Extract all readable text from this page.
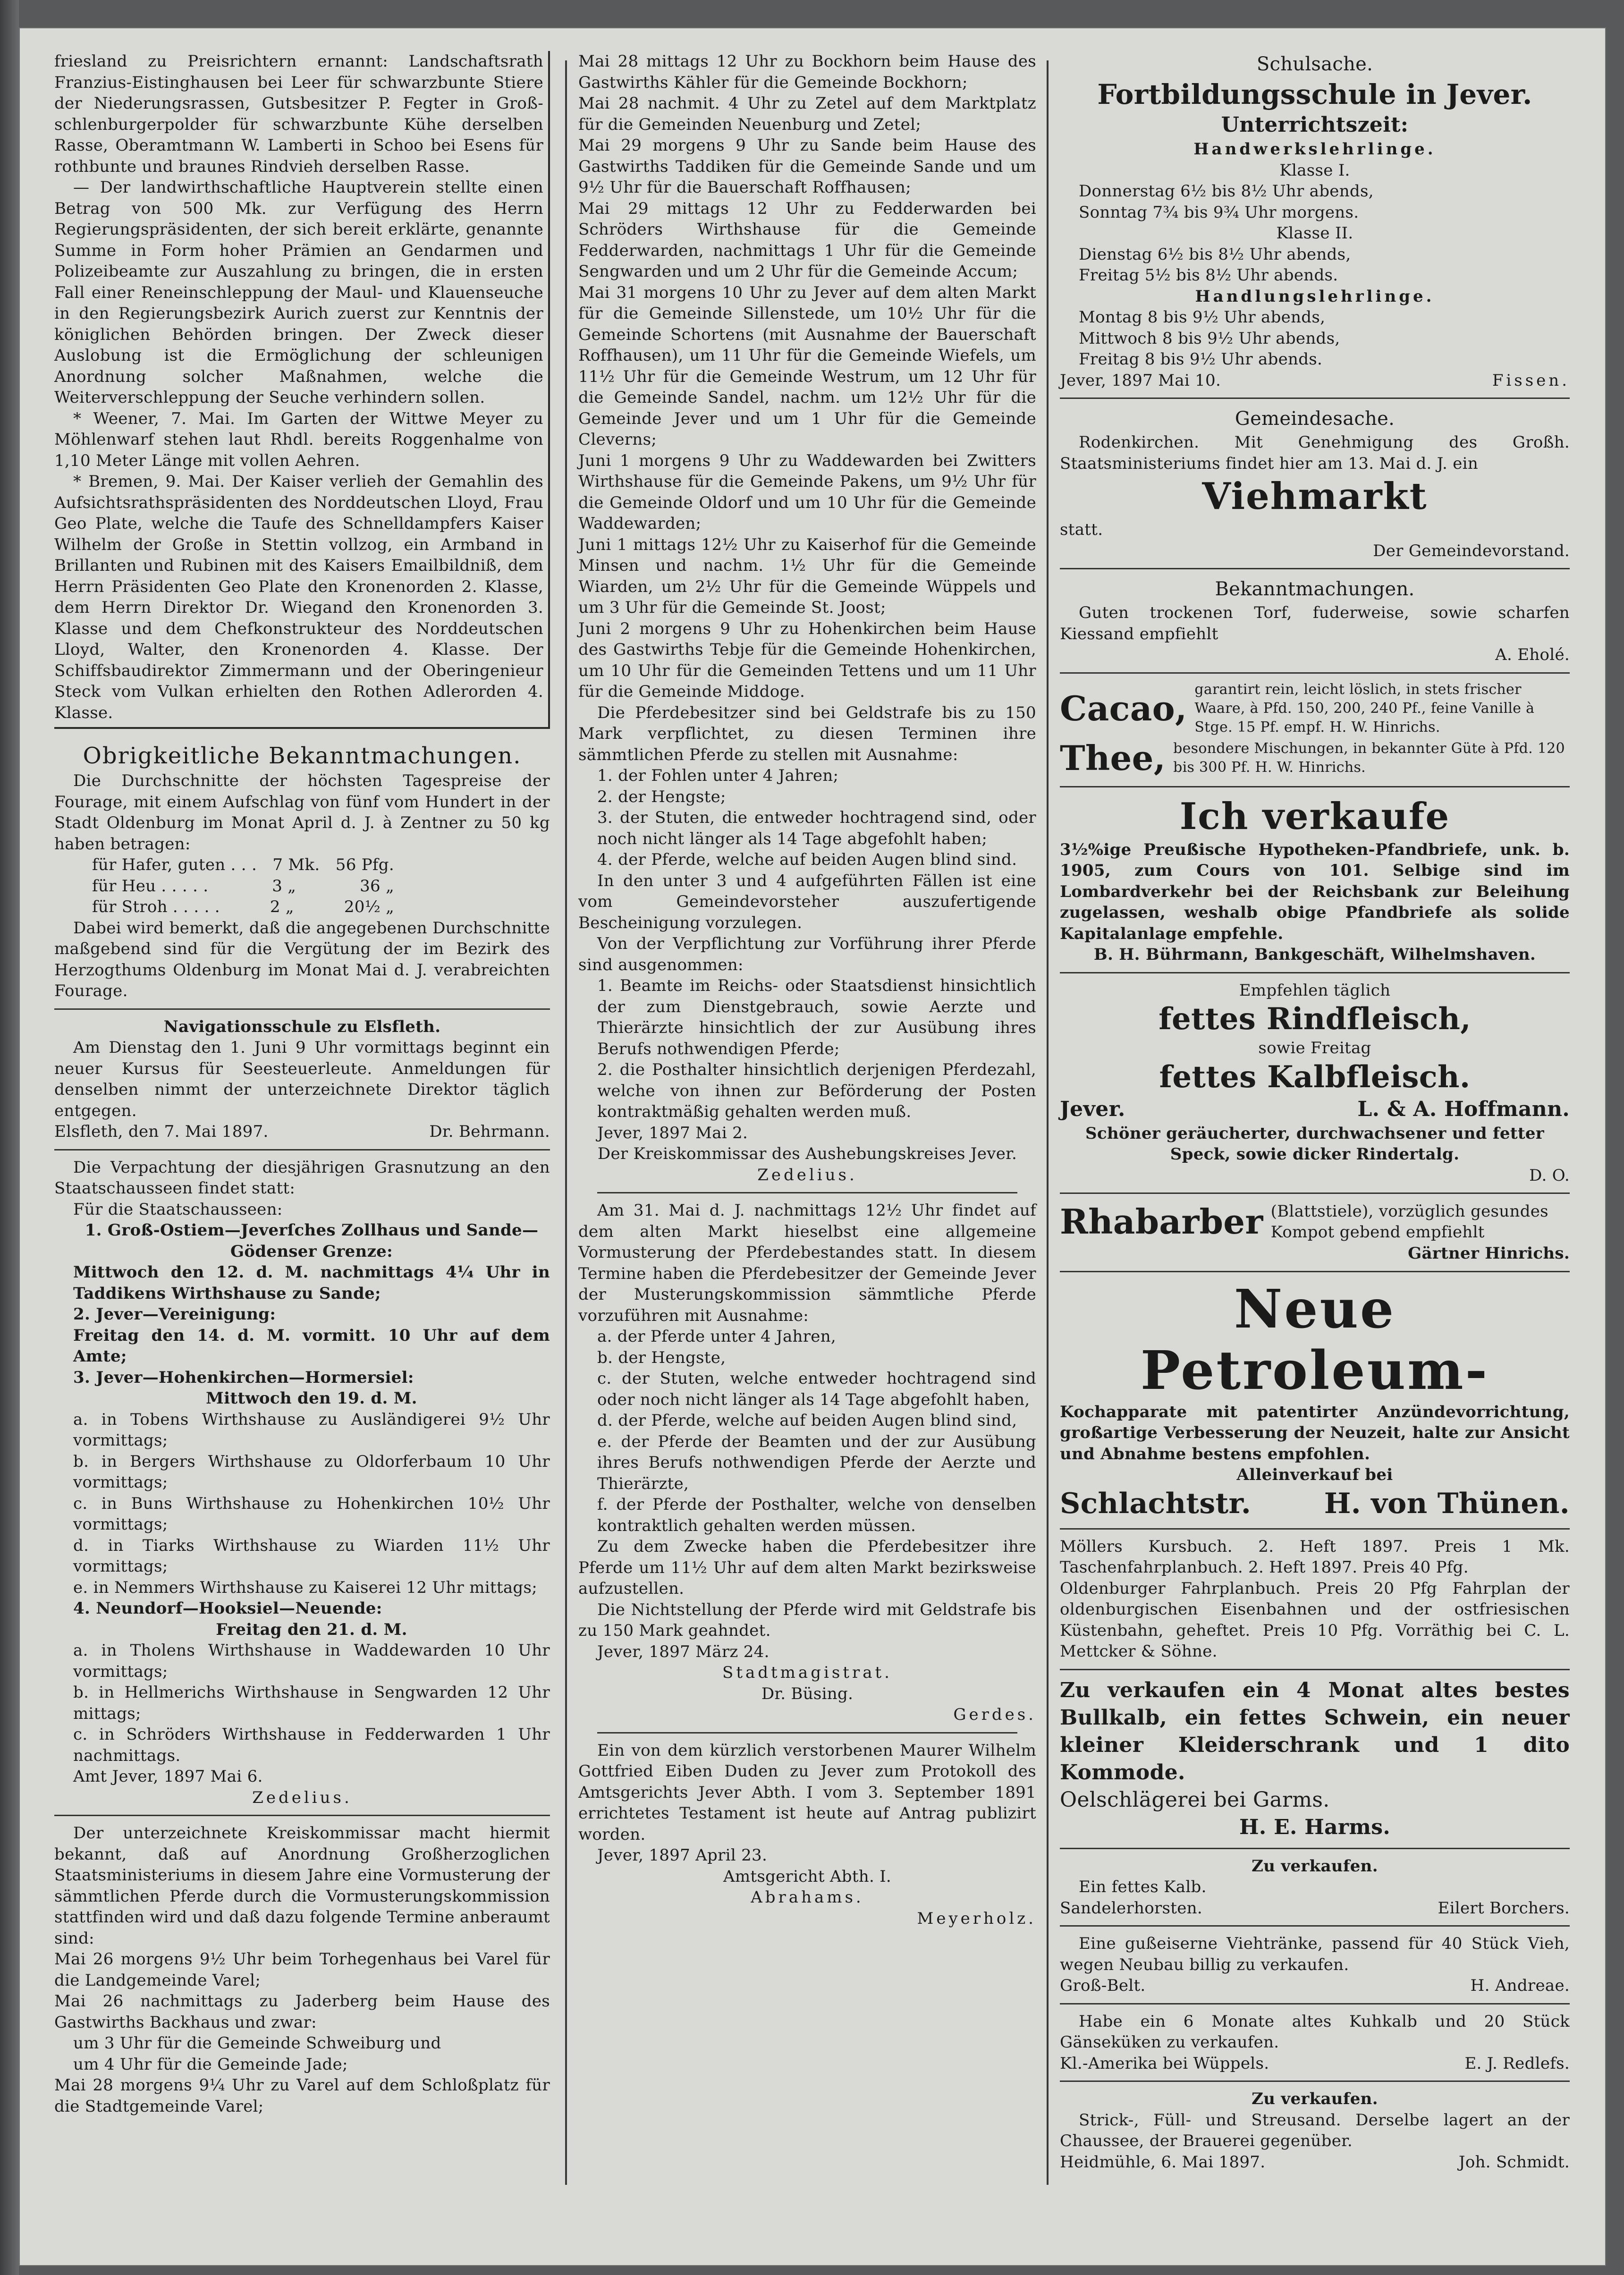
friesland zu Preisrichtern ernannt: Landschaftsrath Franzius-Eistinghausen bei Leer für schwarzbunte Stiere der Niederungsrassen, Gutsbesitzer P. Fegter in Groß-schlenburgerpolder für schwarzbunte Kühe derselben Rasse, Oberamtmann W. Lamberti in Schoo bei Esens für rothbunte und braunes Rindvieh derselben Rasse.

— Der landwirthschaftliche Hauptverein stellte einen Betrag von 500 Mk. zur Verfügung des Herrn Regierungspräsidenten, der sich bereit erklärte, genannte Summe in Form hoher Prämien an Gendarmen und Polizeibeamte zur Auszahlung zu bringen, die in ersten Fall einer Reneinschleppung der Maul- und Klauenseuche in den Regierungsbezirk Aurich zuerst zur Kenntnis der königlichen Behörden bringen. Der Zweck dieser Auslobung ist die Ermöglichung der schleunigen Anordnung solcher Maßnahmen, welche die Weiterverschleppung der Seuche verhindern sollen.

* Weener, 7. Mai. Im Garten der Wittwe Meyer zu Möhlenwarf stehen laut Rhdl. bereits Roggenhalme von 1,10 Meter Länge mit vollen Aehren.

* Bremen, 9. Mai. Der Kaiser verlieh der Gemahlin des Aufsichtsrathspräsidenten des Norddeutschen Lloyd, Frau Geo Plate, welche die Taufe des Schnelldampfers Kaiser Wilhelm der Große in Stettin vollzog, ein Armband in Brillanten und Rubinen mit des Kaisers Emailbildniß, dem Herrn Präsidenten Geo Plate den Kronenorden 2. Klasse, dem Herrn Direktor Dr. Wiegand den Kronenorden 3. Klasse und dem Chefkonstrukteur des Norddeutschen Lloyd, Walter, den Kronenorden 4. Klasse. Der Schiffsbaudirektor Zimmermann und der Oberingenieur Steck vom Vulkan erhielten den Rothen Adlerorden 4. Klasse.

Obrigkeitliche Bekanntmachungen.

Die Durchschnitte der höchsten Tagespreise der Fourage, mit einem Aufschlag von fünf vom Hundert in der Stadt Oldenburg im Monat April d. J. à Zentner zu 50 kg haben betragen:

für Hafer, guten . . . 7 Mk. 56 Pfg.
für Heu . . . . .	3 „	36 „
für Stroh . . . . .	2 „	20½ „

Dabei wird bemerkt, daß die angegebenen Durchschnitte maßgebend sind für die Vergütung der im Bezirk des Herzogthums Oldenburg im Monat Mai d. J. verabreichten Fourage.

Navigationsschule zu Elsfleth.

Am Dienstag den 1. Juni 9 Uhr vormittags beginnt ein neuer Kursus für Seesteuerleute. Anmeldungen für denselben nimmt der unterzeichnete Direktor täglich entgegen.

Elsfleth, den 7. Mai 1897.	Dr. Behrmann.

Die Verpachtung der diesjährigen Grasnutzung an den Staatschausseen findet statt:

Für die Staatschausseen:

1. Groß-Ostiem—Jeverſches Zollhaus und Sande—Gödenser Grenze:

Mittwoch den 12. d. M. nachmittags 4¼ Uhr in Taddikens Wirthshause zu Sande;

2. Jever—Vereinigung:

Freitag den 14. d. M. vormitt. 10 Uhr auf dem Amte;

3. Jever—Hohenkirchen—Hormersiel:

Mittwoch den 19. d. M.

a. in Tobens Wirthshause zu Ausländigerei 9½ Uhr vormittags;

b. in Bergers Wirthshause zu Oldorferbaum 10 Uhr vormittags;

c. in Buns Wirthshause zu Hohenkirchen 10½ Uhr vormittags;

d. in Tiarks Wirthshause zu Wiarden 11½ Uhr vormittags;

e. in Nemmers Wirthshause zu Kaiserei 12 Uhr mittags;

4. Neundorf—Hooksiel—Neuende:

Freitag den 21. d. M.

a. in Tholens Wirthshause in Waddewarden 10 Uhr vormittags;

b. in Hellmerichs Wirthshause in Sengwarden 12 Uhr mittags;

c. in Schröders Wirthshause in Fedderwarden 1 Uhr nachmittags.

Amt Jever, 1897 Mai 6.

Zedelius.

Der unterzeichnete Kreiskommissar macht hiermit bekannt, daß auf Anordnung Großherzoglichen Staatsministeriums in diesem Jahre eine Vormusterung der sämmtlichen Pferde durch die Vormusterungskommission stattfinden wird und daß dazu folgende Termine anberaumt sind:

Mai 26 morgens 9½ Uhr beim Torhegenhaus bei Varel für die Landgemeinde Varel;

Mai 26 nachmittags zu Jaderberg beim Hause des Gastwirths Backhaus und zwar:

um 3 Uhr für die Gemeinde Schweiburg und

um 4 Uhr für die Gemeinde Jade;

Mai 28 morgens 9¼ Uhr zu Varel auf dem Schloßplatz für die Stadtgemeinde Varel;

Mai 28 mittags 12 Uhr zu Bockhorn beim Hause des Gastwirths Kähler für die Gemeinde Bockhorn;

Mai 28 nachmit. 4 Uhr zu Zetel auf dem Marktplatz für die Gemeinden Neuenburg und Zetel;

Mai 29 morgens 9 Uhr zu Sande beim Hause des Gastwirths Taddiken für die Gemeinde Sande und um 9½ Uhr für die Bauerschaft Roffhausen;

Mai 29 mittags 12 Uhr zu Fedderwarden bei Schröders Wirthshause für die Gemeinde Fedderwarden, nachmittags 1 Uhr für die Gemeinde Sengwarden und um 2 Uhr für die Gemeinde Accum;

Mai 31 morgens 10 Uhr zu Jever auf dem alten Markt für die Gemeinde Sillenstede, um 10½ Uhr für die Gemeinde Schortens (mit Ausnahme der Bauerschaft Roffhausen), um 11 Uhr für die Gemeinde Wiefels, um 11½ Uhr für die Gemeinde Westrum, um 12 Uhr für die Gemeinde Sandel, nachm. um 12½ Uhr für die Gemeinde Jever und um 1 Uhr für die Gemeinde Cleverns;

Juni 1 morgens 9 Uhr zu Waddewarden bei Zwitters Wirthshause für die Gemeinde Pakens, um 9½ Uhr für die Gemeinde Oldorf und um 10 Uhr für die Gemeinde Waddewarden;

Juni 1 mittags 12½ Uhr zu Kaiserhof für die Gemeinde Minsen und nachm. 1½ Uhr für die Gemeinde Wiarden, um 2½ Uhr für die Gemeinde Wüppels und um 3 Uhr für die Gemeinde St. Joost;

Juni 2 morgens 9 Uhr zu Hohenkirchen beim Hause des Gastwirths Tebje für die Gemeinde Hohenkirchen, um 10 Uhr für die Gemeinden Tettens und um 11 Uhr für die Gemeinde Middoge.

Die Pferdebesitzer sind bei Geldstrafe bis zu 150 Mark verpflichtet, zu diesen Terminen ihre sämmtlichen Pferde zu stellen mit Ausnahme:

1. der Fohlen unter 4 Jahren;

2. der Hengste;

3. der Stuten, die entweder hochtragend sind, oder noch nicht länger als 14 Tage abgefohlt haben;

4. der Pferde, welche auf beiden Augen blind sind.

In den unter 3 und 4 aufgeführten Fällen ist eine vom Gemeindevorsteher auszufertigende Bescheinigung vorzulegen.

Von der Verpflichtung zur Vorführung ihrer Pferde sind ausgenommen:

1. Beamte im Reichs- oder Staatsdienst hinsichtlich der zum Dienstgebrauch, sowie Aerzte und Thierärzte hinsichtlich der zur Ausübung ihres Berufs nothwendigen Pferde;

2. die Posthalter hinsichtlich derjenigen Pferdezahl, welche von ihnen zur Beförderung der Posten kontraktmäßig gehalten werden muß.

Jever, 1897 Mai 2.

Der Kreiskommissar des Aushebungskreises Jever.

Zedelius.

Am 31. Mai d. J. nachmittags 12½ Uhr findet auf dem alten Markt hieselbst eine allgemeine Vormusterung der Pferdebestandes statt. In diesem Termine haben die Pferdebesitzer der Gemeinde Jever der Musterungskommission sämmtliche Pferde vorzuführen mit Ausnahme:

a. der Pferde unter 4 Jahren,

b. der Hengste,

c. der Stuten, welche entweder hochtragend sind oder noch nicht länger als 14 Tage abgefohlt haben,

d. der Pferde, welche auf beiden Augen blind sind,

e. der Pferde der Beamten und der zur Ausübung ihres Berufs nothwendigen Pferde der Aerzte und Thierärzte,

f. der Pferde der Posthalter, welche von denselben kontraktlich gehalten werden müssen.

Zu dem Zwecke haben die Pferdebesitzer ihre Pferde um 11½ Uhr auf dem alten Markt bezirksweise aufzustellen.

Die Nichtstellung der Pferde wird mit Geldstrafe bis zu 150 Mark geahndet.

Jever, 1897 März 24.

Stadtmagistrat.

Dr. Büsing.

Gerdes.

Ein von dem kürzlich verstorbenen Maurer Wilhelm Gottfried Eiben Duden zu Jever zum Protokoll des Amtsgerichts Jever Abth. I vom 3. September 1891 errichtetes Testament ist heute auf Antrag publizirt worden.

Jever, 1897 April 23.

Amtsgericht Abth. I.

Abrahams.

Meyerholz.

Schulsache.

Fortbildungsschule in Jever.

Unterrichtszeit:

Handwerkslehrlinge.

Klasse I.

Donnerstag 6½ bis 8½ Uhr abends,

Sonntag 7¾ bis 9¾ Uhr morgens.

Klasse II.

Dienstag 6½ bis 8½ Uhr abends,

Freitag 5½ bis 8½ Uhr abends.

Handlungslehrlinge.

Montag 8 bis 9½ Uhr abends,

Mittwoch 8 bis 9½ Uhr abends,

Freitag 8 bis 9½ Uhr abends.

Jever, 1897 Mai 10.	Fissen.

Gemeindesache.

Rodenkirchen. Mit Genehmigung des Großh. Staatsministeriums findet hier am 13. Mai d. J. ein

Viehmarkt

statt.

Der Gemeindevorstand.

Bekanntmachungen.

Guten trockenen Torf, fuderweise, sowie scharfen Kiessand empfiehlt

A. Eholé.

Cacao, garantirt rein, leicht löslich, in stets frischer Waare, à Pfd. 150, 200, 240 Pf., feine Vanille à Stge. 15 Pf. empf. H. W. Hinrichs.
Thee, besondere Mischungen, in bekannter Güte à Pfd. 120 bis 300 Pf. H. W. Hinrichs.

Ich verkaufe

3½%ige Preußische Hypotheken-Pfandbriefe, unk. b. 1905, zum Cours von 101. Selbige sind im Lombardverkehr bei der Reichsbank zur Beleihung zugelassen, weshalb obige Pfandbriefe als solide Kapitalanlage empfehle.

B. H. Bührmann, Bankgeschäft, Wilhelmshaven.

Empfehlen täglich

fettes Rindfleisch,

sowie Freitag

fettes Kalbfleisch.

Jever.	L. & A. Hoffmann.

Schöner geräucherter, durchwachsener und fetter Speck, sowie dicker Rindertalg.

D. O.

Rhabarber (Blattstiele), vorzüglich gesundes Kompot gebend empfiehlt

Gärtner Hinrichs.

Neue Petroleum-

Kochapparate mit patentirter Anzündevorrichtung, großartige Verbesserung der Neuzeit, halte zur Ansicht und Abnahme bestens empfohlen.

Alleinverkauf bei

Schlachtstr.	H. von Thünen.

Möllers Kursbuch. 2. Heft 1897. Preis 1 Mk. Taschenfahrplanbuch. 2. Heft 1897. Preis 40 Pfg.

Oldenburger Fahrplanbuch. Preis 20 Pfg Fahrplan der oldenburgischen Eisenbahnen und der ostfriesischen Küstenbahn, geheftet. Preis 10 Pfg. Vorräthig bei C. L. Mettcker & Söhne.

Zu verkaufen ein 4 Monat altes bestes Bullkalb, ein fettes Schwein, ein neuer kleiner Kleiderschrank und 1 dito Kommode.

Oelschlägerei bei Garms.

H. E. Harms.

Zu verkaufen.

Ein fettes Kalb.

Sandelerhorsten.	Eilert Borchers.

Eine gußeiserne Viehtränke, passend für 40 Stück Vieh, wegen Neubau billig zu verkaufen.

Groß-Belt.	H. Andreae.

Habe ein 6 Monate altes Kuhkalb und 20 Stück Gänseküken zu verkaufen.

Kl.-Amerika bei Wüppels.	E. J. Redlefs.

Zu verkaufen.

Strick-, Füll- und Streusand. Derselbe lagert an der Chaussee, der Brauerei gegenüber.

Heidmühle, 6. Mai 1897.	Joh. Schmidt.
